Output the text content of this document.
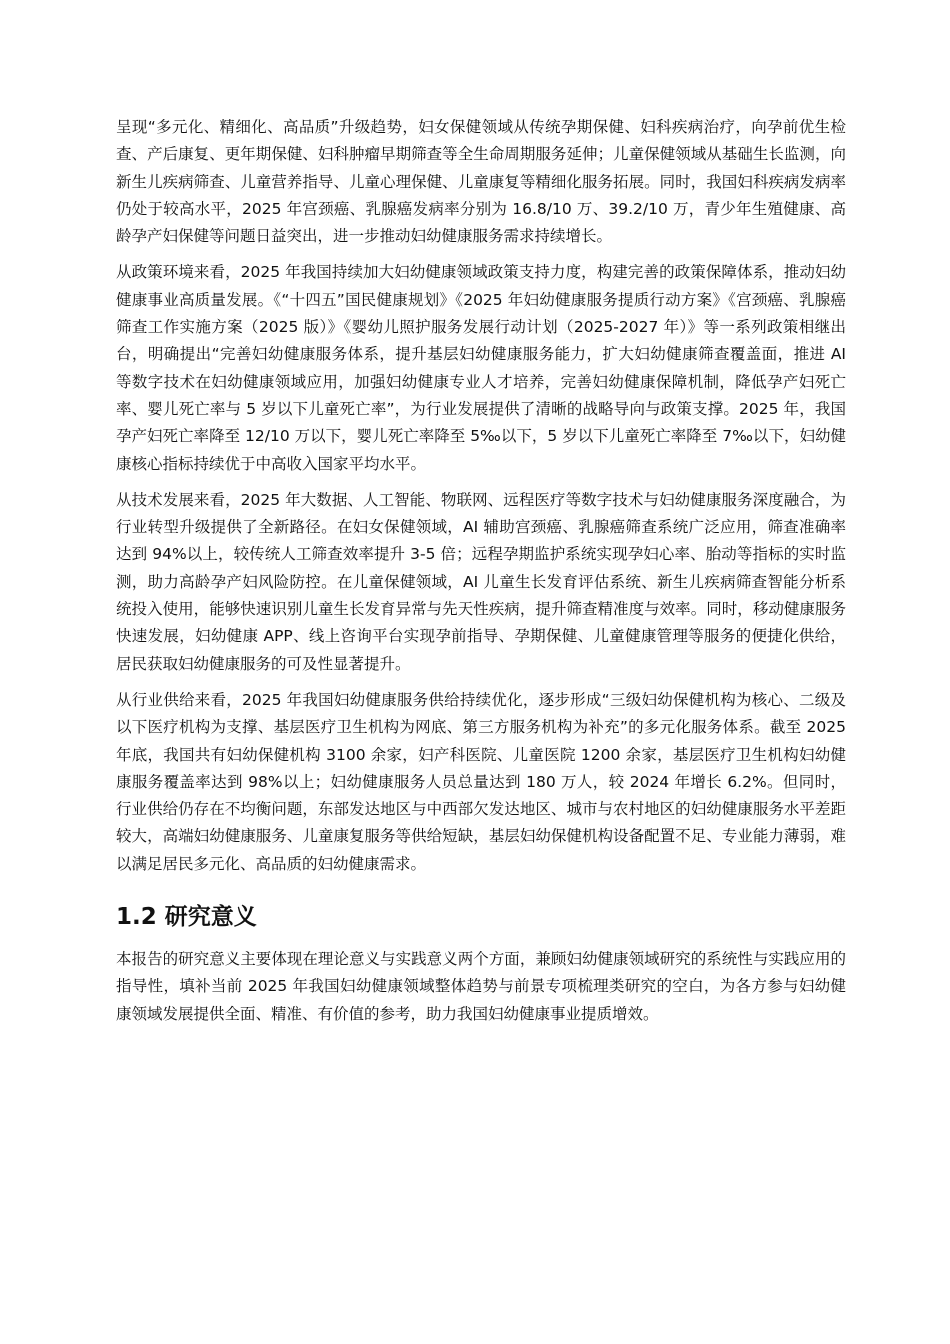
呈现“多元化、精细化、高品质”升级趋势，妇女保健领域从传统孕期保健、妇科疾病治疗，向孕前优生检查、产后康复、更年期保健、妇科肿瘤早期筛查等全生命周期服务延伸；儿童保健领域从基础生长监测，向新生儿疾病筛查、儿童营养指导、儿童心理保健、儿童康复等精细化服务拓展。同时，我国妇科疾病发病率仍处于较高水平，2025 年宫颈癌、乳腺癌发病率分别为 16.8/10 万、39.2/10 万，青少年生殖健康、高龄孕产妇保健等问题日益突出，进一步推动妇幼健康服务需求持续增长。

从政策环境来看，2025 年我国持续加大妇幼健康领域政策支持力度，构建完善的政策保障体系，推动妇幼健康事业高质量发展。《“十四五”国民健康规划》《2025 年妇幼健康服务提质行动方案》《宫颈癌、乳腺癌筛查工作实施方案（2025 版）》《婴幼儿照护服务发展行动计划（2025-2027 年）》等一系列政策相继出台，明确提出“完善妇幼健康服务体系，提升基层妇幼健康服务能力，扩大妇幼健康筛查覆盖面，推进 AI 等数字技术在妇幼健康领域应用，加强妇幼健康专业人才培养，完善妇幼健康保障机制，降低孕产妇死亡率、婴儿死亡率与 5 岁以下儿童死亡率”，为行业发展提供了清晰的战略导向与政策支撑。2025 年，我国孕产妇死亡率降至 12/10 万以下，婴儿死亡率降至 5‰以下，5 岁以下儿童死亡率降至 7‰以下，妇幼健康核心指标持续优于中高收入国家平均水平。

从技术发展来看，2025 年大数据、人工智能、物联网、远程医疗等数字技术与妇幼健康服务深度融合，为行业转型升级提供了全新路径。在妇女保健领域，AI 辅助宫颈癌、乳腺癌筛查系统广泛应用，筛查准确率达到 94%以上，较传统人工筛查效率提升 3-5 倍；远程孕期监护系统实现孕妇心率、胎动等指标的实时监测，助力高龄孕产妇风险防控。在儿童保健领域，AI 儿童生长发育评估系统、新生儿疾病筛查智能分析系统投入使用，能够快速识别儿童生长发育异常与先天性疾病，提升筛查精准度与效率。同时，移动健康服务快速发展，妇幼健康 APP、线上咨询平台实现孕前指导、孕期保健、儿童健康管理等服务的便捷化供给，居民获取妇幼健康服务的可及性显著提升。

从行业供给来看，2025 年我国妇幼健康服务供给持续优化，逐步形成“三级妇幼保健机构为核心、二级及以下医疗机构为支撑、基层医疗卫生机构为网底、第三方服务机构为补充”的多元化服务体系。截至 2025 年底，我国共有妇幼保健机构 3100 余家，妇产科医院、儿童医院 1200 余家，基层医疗卫生机构妇幼健康服务覆盖率达到 98%以上；妇幼健康服务人员总量达到 180 万人，较 2024 年增长 6.2%。但同时，行业供给仍存在不均衡问题，东部发达地区与中西部欠发达地区、城市与农村地区的妇幼健康服务水平差距较大，高端妇幼健康服务、儿童康复服务等供给短缺，基层妇幼保健机构设备配置不足、专业能力薄弱，难以满足居民多元化、高品质的妇幼健康需求。

1.2 研究意义

本报告的研究意义主要体现在理论意义与实践意义两个方面，兼顾妇幼健康领域研究的系统性与实践应用的指导性，填补当前 2025 年我国妇幼健康领域整体趋势与前景专项梳理类研究的空白，为各方参与妇幼健康领域发展提供全面、精准、有价值的参考，助力我国妇幼健康事业提质增效。
